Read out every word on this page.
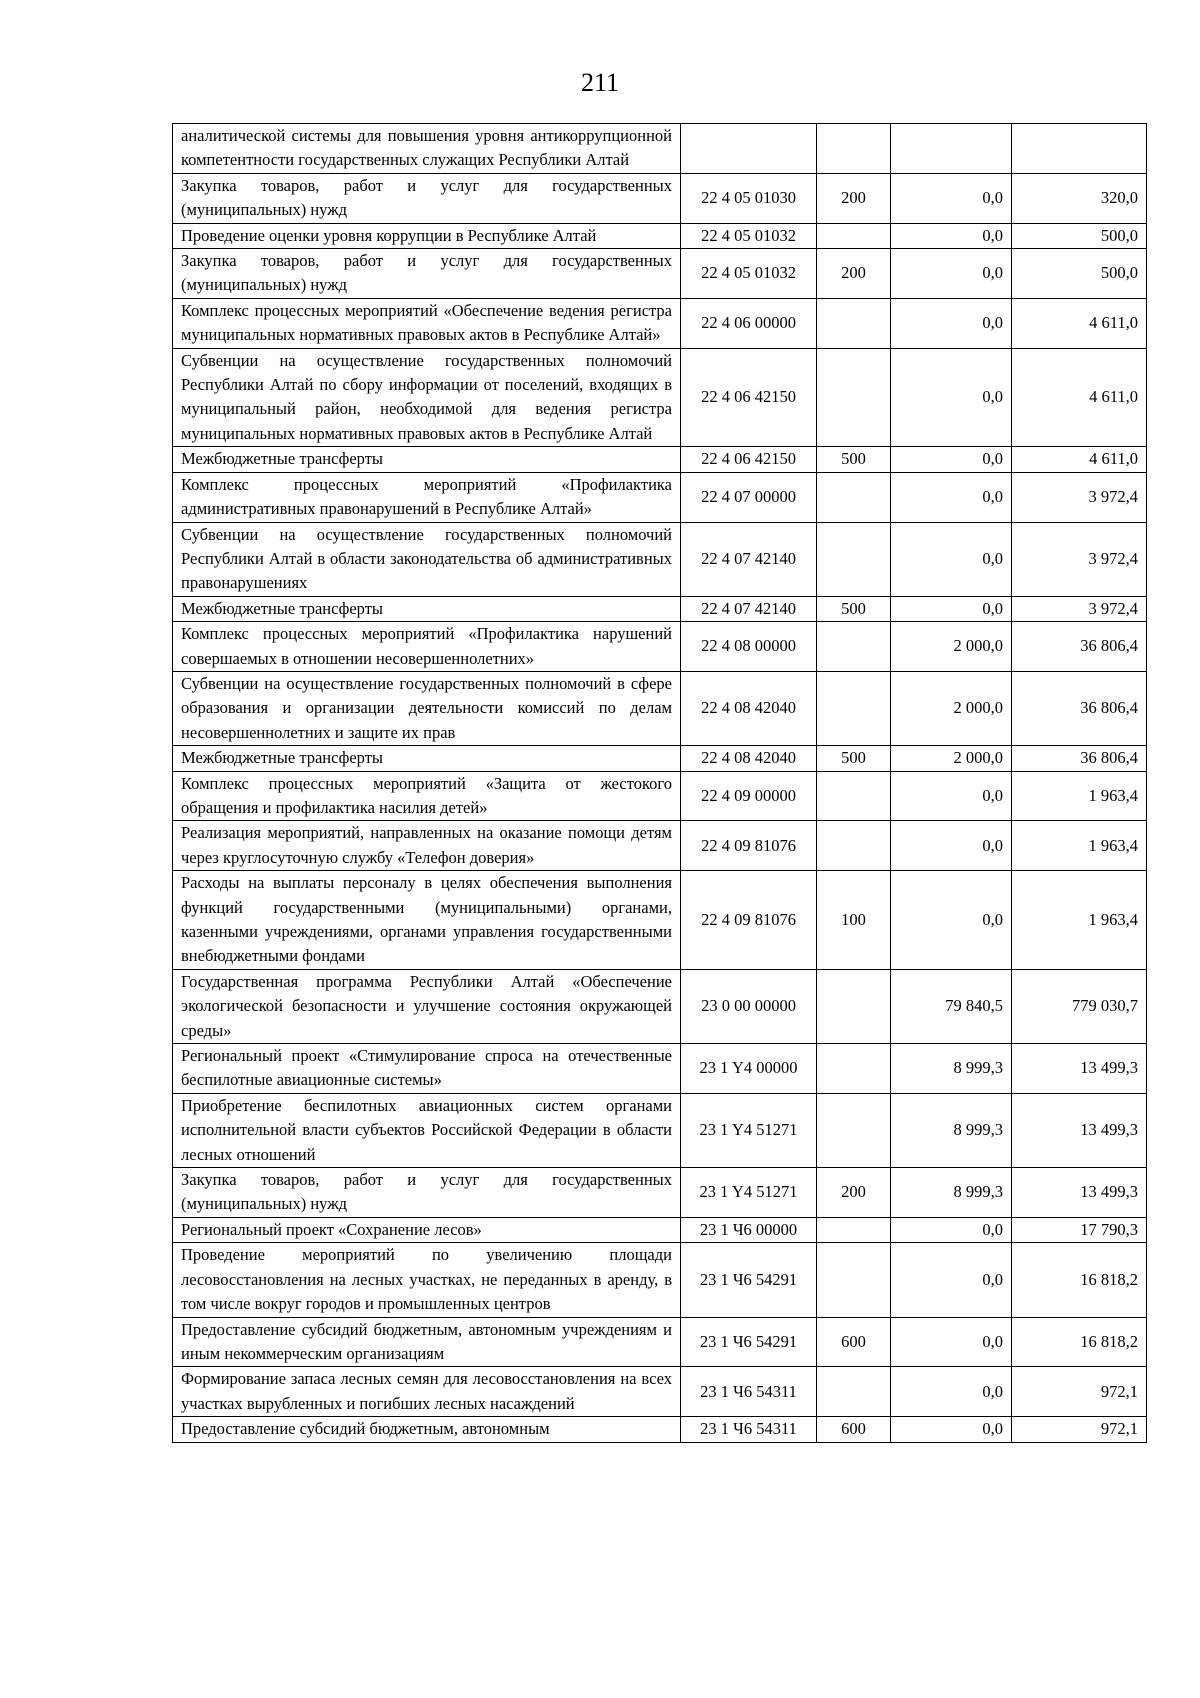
211
аналитической системы для повышения уровня антикоррупционной компетентности государственных служащих Республики Алтай				
Закупка товаров, работ и услуг для государственных (муниципальных) нужд	22 4 05 01030	200	0,0	320,0
Проведение оценки уровня коррупции в Республике Алтай	22 4 05 01032		0,0	500,0
Закупка товаров, работ и услуг для государственных (муниципальных) нужд	22 4 05 01032	200	0,0	500,0
Комплекс процессных мероприятий «Обеспечение ведения регистра муниципальных нормативных правовых актов в Республике Алтай»	22 4 06 00000		0,0	4 611,0
Субвенции на осуществление государственных полномочий Республики Алтай по сбору информации от поселений, входящих в муниципальный район, необходимой для ведения регистра муниципальных нормативных правовых актов в Республике Алтай	22 4 06 42150		0,0	4 611,0
Межбюджетные трансферты	22 4 06 42150	500	0,0	4 611,0
Комплекс процессных мероприятий «Профилактика административных правонарушений в Республике Алтай»	22 4 07 00000		0,0	3 972,4
Субвенции на осуществление государственных полномочий Республики Алтай в области законодательства об административных правонарушениях	22 4 07 42140		0,0	3 972,4
Межбюджетные трансферты	22 4 07 42140	500	0,0	3 972,4
Комплекс процессных мероприятий «Профилактика нарушений совершаемых в отношении несовершеннолетних»	22 4 08 00000		2 000,0	36 806,4
Субвенции на осуществление государственных полномочий в сфере образования и организации деятельности комиссий по делам несовершеннолетних и защите их прав	22 4 08 42040		2 000,0	36 806,4
Межбюджетные трансферты	22 4 08 42040	500	2 000,0	36 806,4
Комплекс процессных мероприятий «Защита от жестокого обращения и профилактика насилия детей»	22 4 09 00000		0,0	1 963,4
Реализация мероприятий, направленных на оказание помощи детям через круглосуточную службу «Телефон доверия»	22 4 09 81076		0,0	1 963,4
Расходы на выплаты персоналу в целях обеспечения выполнения функций государственными (муниципальными) органами, казенными учреждениями, органами управления государственными внебюджетными фондами	22 4 09 81076	100	0,0	1 963,4
Государственная программа Республики Алтай «Обеспечение экологической безопасности и улучшение состояния окружающей среды»	23 0 00 00000		79 840,5	779 030,7
Региональный проект «Стимулирование спроса на отечественные беспилотные авиационные системы»	23 1 Y4 00000		8 999,3	13 499,3
Приобретение беспилотных авиационных систем органами исполнительной власти субъектов Российской Федерации в области лесных отношений	23 1 Y4 51271		8 999,3	13 499,3
Закупка товаров, работ и услуг для государственных (муниципальных) нужд	23 1 Y4 51271	200	8 999,3	13 499,3
Региональный проект «Сохранение лесов»	23 1 Ч6 00000		0,0	17 790,3
Проведение мероприятий по увеличению площади лесовосстановления на лесных участках, не переданных в аренду, в том числе вокруг городов и промышленных центров	23 1 Ч6 54291		0,0	16 818,2
Предоставление субсидий бюджетным, автономным учреждениям и иным некоммерческим организациям	23 1 Ч6 54291	600	0,0	16 818,2
Формирование запаса лесных семян для лесовосстановления на всех участках вырубленных и погибших лесных насаждений	23 1 Ч6 54311		0,0	972,1
Предоставление субсидий бюджетным, автономным	23 1 Ч6 54311	600	0,0	972,1
